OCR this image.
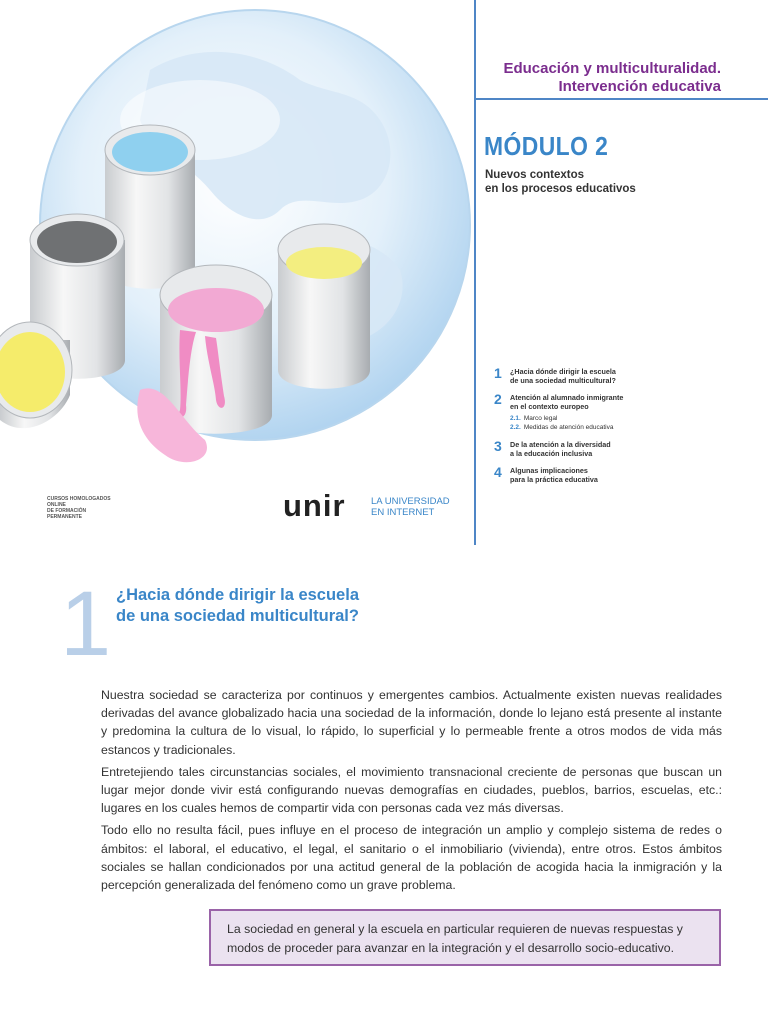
Educación y multiculturalidad.
Intervención educativa
MÓDULO 2
Nuevos contextos
en los procesos educativos
1 ¿Hacia dónde dirigir la escuela
de una sociedad multicultural?
2 Atención al alumnado inmigrante
en el contexto europeo
2.1. Marco legal
2.2. Medidas de atención educativa
3 De la atención a la diversidad
a la educación inclusiva
4 Algunas implicaciones
para la práctica educativa
CURSOS HOMOLOGADOS
ONLINE
DE FORMACIÓN
PERMANENTE	unir	LA UNIVERSIDAD
EN INTERNET
1 ¿Hacia dónde dirigir la escuela
de una sociedad multicultural?

Nuestra sociedad se caracteriza por continuos y emergentes cambios. Actualmente existen nuevas realidades derivadas del avance globalizado hacia una sociedad de la información, donde lo lejano está presente al instante y predomina la cultura de lo visual, lo rápido, lo superficial y lo permeable frente a otros modos de vida más estancos y tradicionales.

Entretejiendo tales circunstancias sociales, el movimiento transnacional creciente de personas que buscan un lugar mejor donde vivir está configurando nuevas demografías en ciudades, pueblos, barrios, escuelas, etc.: lugares en los cuales hemos de compartir vida con personas cada vez más diversas.

Todo ello no resulta fácil, pues influye en el proceso de integración un amplio y complejo sistema de redes o ámbitos: el laboral, el educativo, el legal, el sanitario o el inmobiliario (vivienda), entre otros. Estos ámbitos sociales se hallan condicionados por una actitud general de la población de acogida hacia la inmigración y la percepción generalizada del fenómeno como un grave problema.

La sociedad en general y la escuela en particular requieren de nuevas respuestas y modos de proceder para avanzar en la integración y el desarrollo socio-educativo.
